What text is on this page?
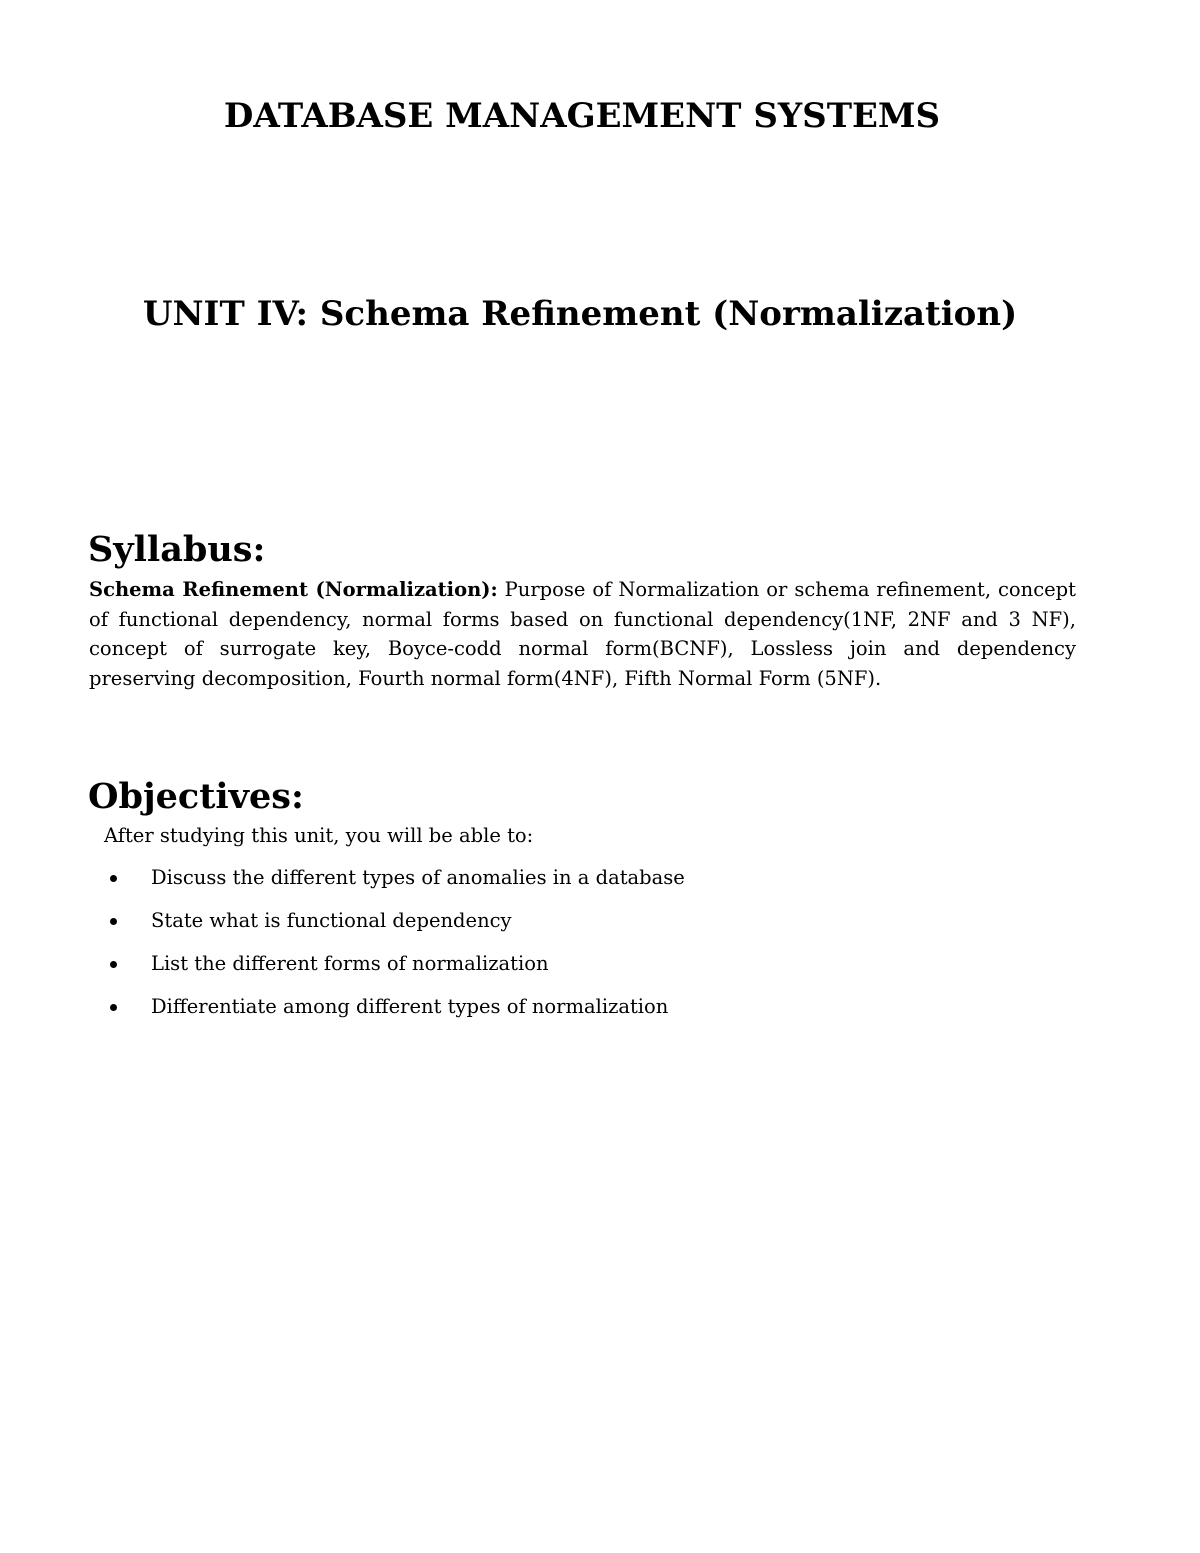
DATABASE MANAGEMENT SYSTEMS
UNIT IV: Schema Refinement (Normalization)
Syllabus:

Schema Refinement (Normalization): Purpose of Normalization or schema refinement, concept of functional dependency, normal forms based on functional dependency(1NF, 2NF and 3 NF), concept of surrogate key, Boyce-codd normal form(BCNF), Lossless join and dependency preserving decomposition, Fourth normal form(4NF), Fifth Normal Form (5NF).

Objectives:

After studying this unit, you will be able to:

Discuss the different types of anomalies in a database
State what is functional dependency
List the different forms of normalization
Differentiate among different types of normalization
